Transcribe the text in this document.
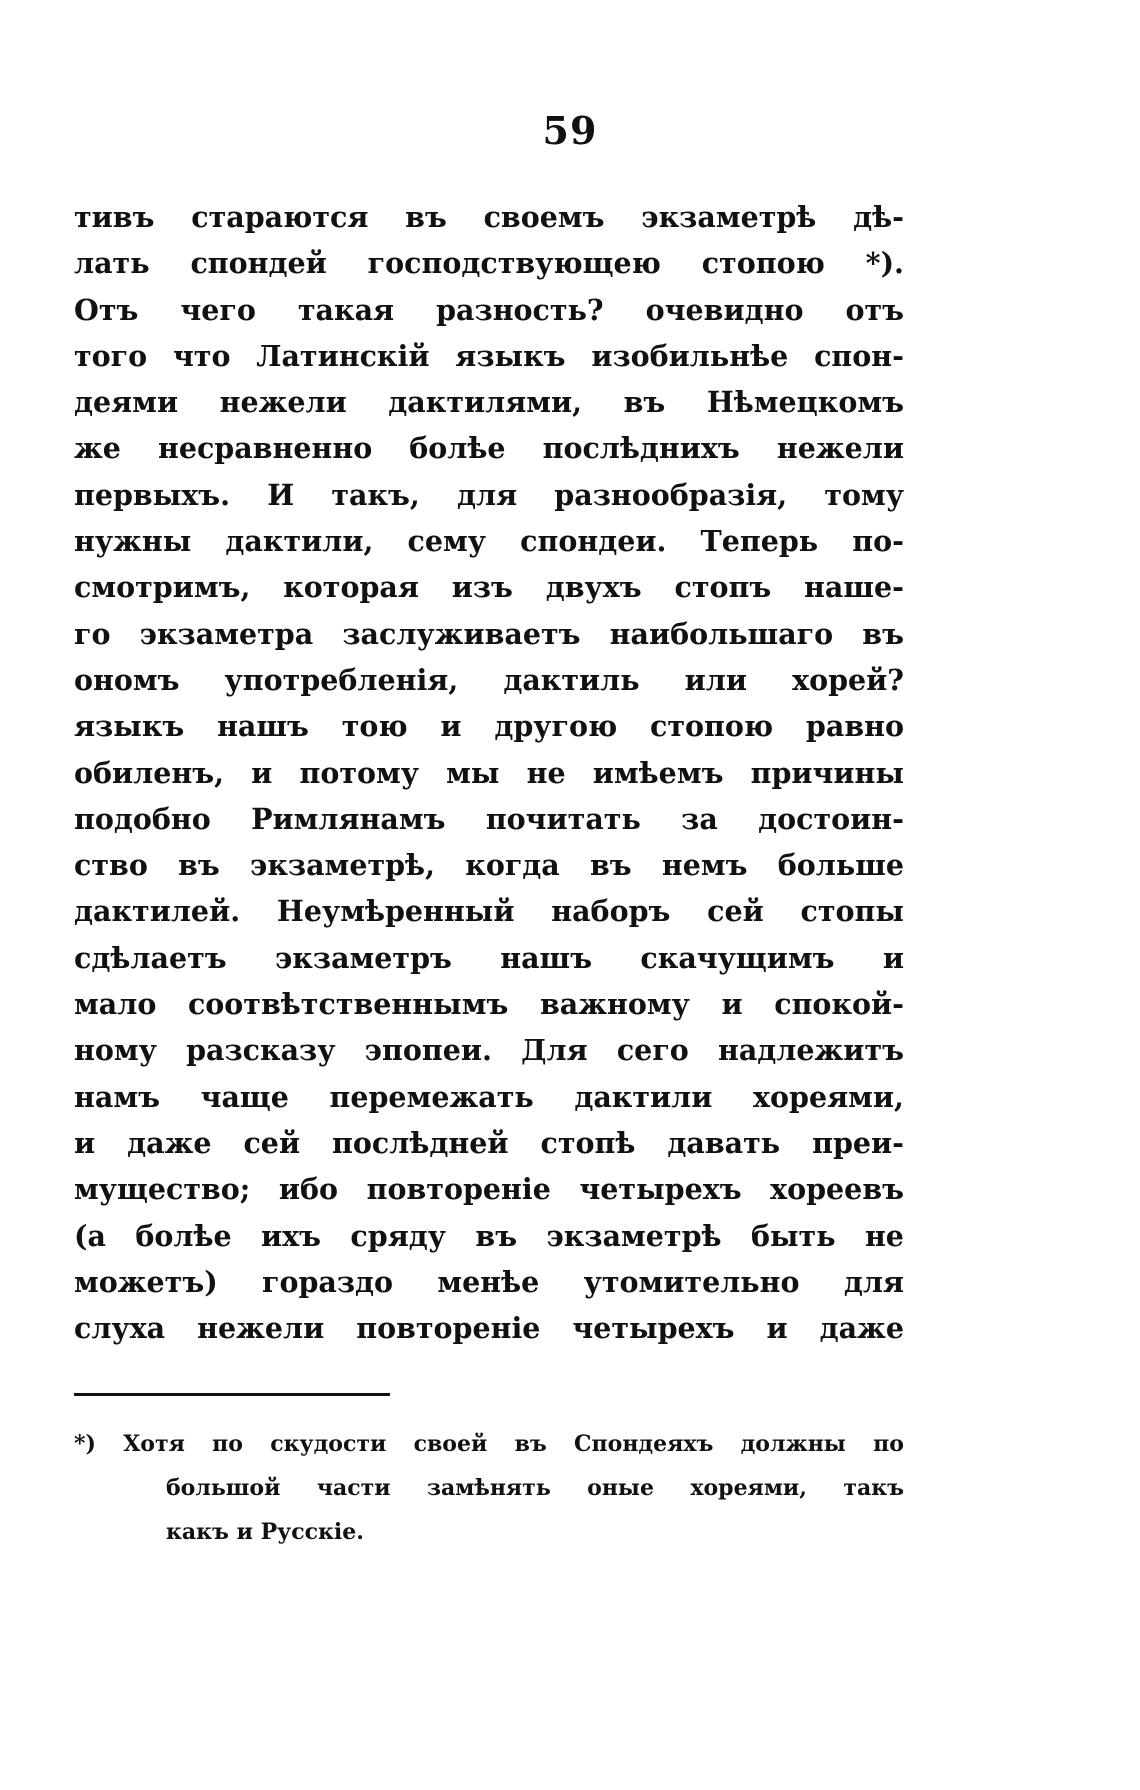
59
тивъ стараются въ своемъ экзаметрѣ дѣ-
лать спондей господствующею стопою *).
Отъ чего такая разность? очевидно отъ
того что Латинскій языкъ изобильнѣе спон-
деями нежели дактилями, въ Нѣмецкомъ
же несравненно болѣе послѣднихъ нежели
первыхъ. И такъ, для разнообразія, тому
нужны дактили, сему спондеи. Теперь по-
смотримъ, которая изъ двухъ стопъ наше-
го экзаметра заслуживаетъ наибольшаго въ
ономъ употребленія, дактиль или хорей?
языкъ нашъ тою и другою стопою равно
обиленъ, и потому мы не имѣемъ причины
подобно Римлянамъ почитать за достоин-
ство въ экзаметрѣ, когда въ немъ больше
дактилей. Неумѣренный наборъ сей стопы
сдѣлаетъ экзаметръ нашъ скачущимъ и
мало соотвѣтственнымъ важному и спокой-
ному разсказу эпопеи. Для сего надлежитъ
намъ чаще перемежать дактили хореями,
и даже сей послѣдней стопѣ давать преи-
мущество; ибо повтореніе четырехъ хореевъ
(а болѣе ихъ сряду въ экзаметрѣ быть не
можетъ) гораздо менѣе утомительно для
слуха нежели повтореніе четырехъ и даже
*) Хотя по скудости своей въ Спондеяхъ должны по
большой части замѣнять оные хореями, такъ
какъ
и
Русскіе.
